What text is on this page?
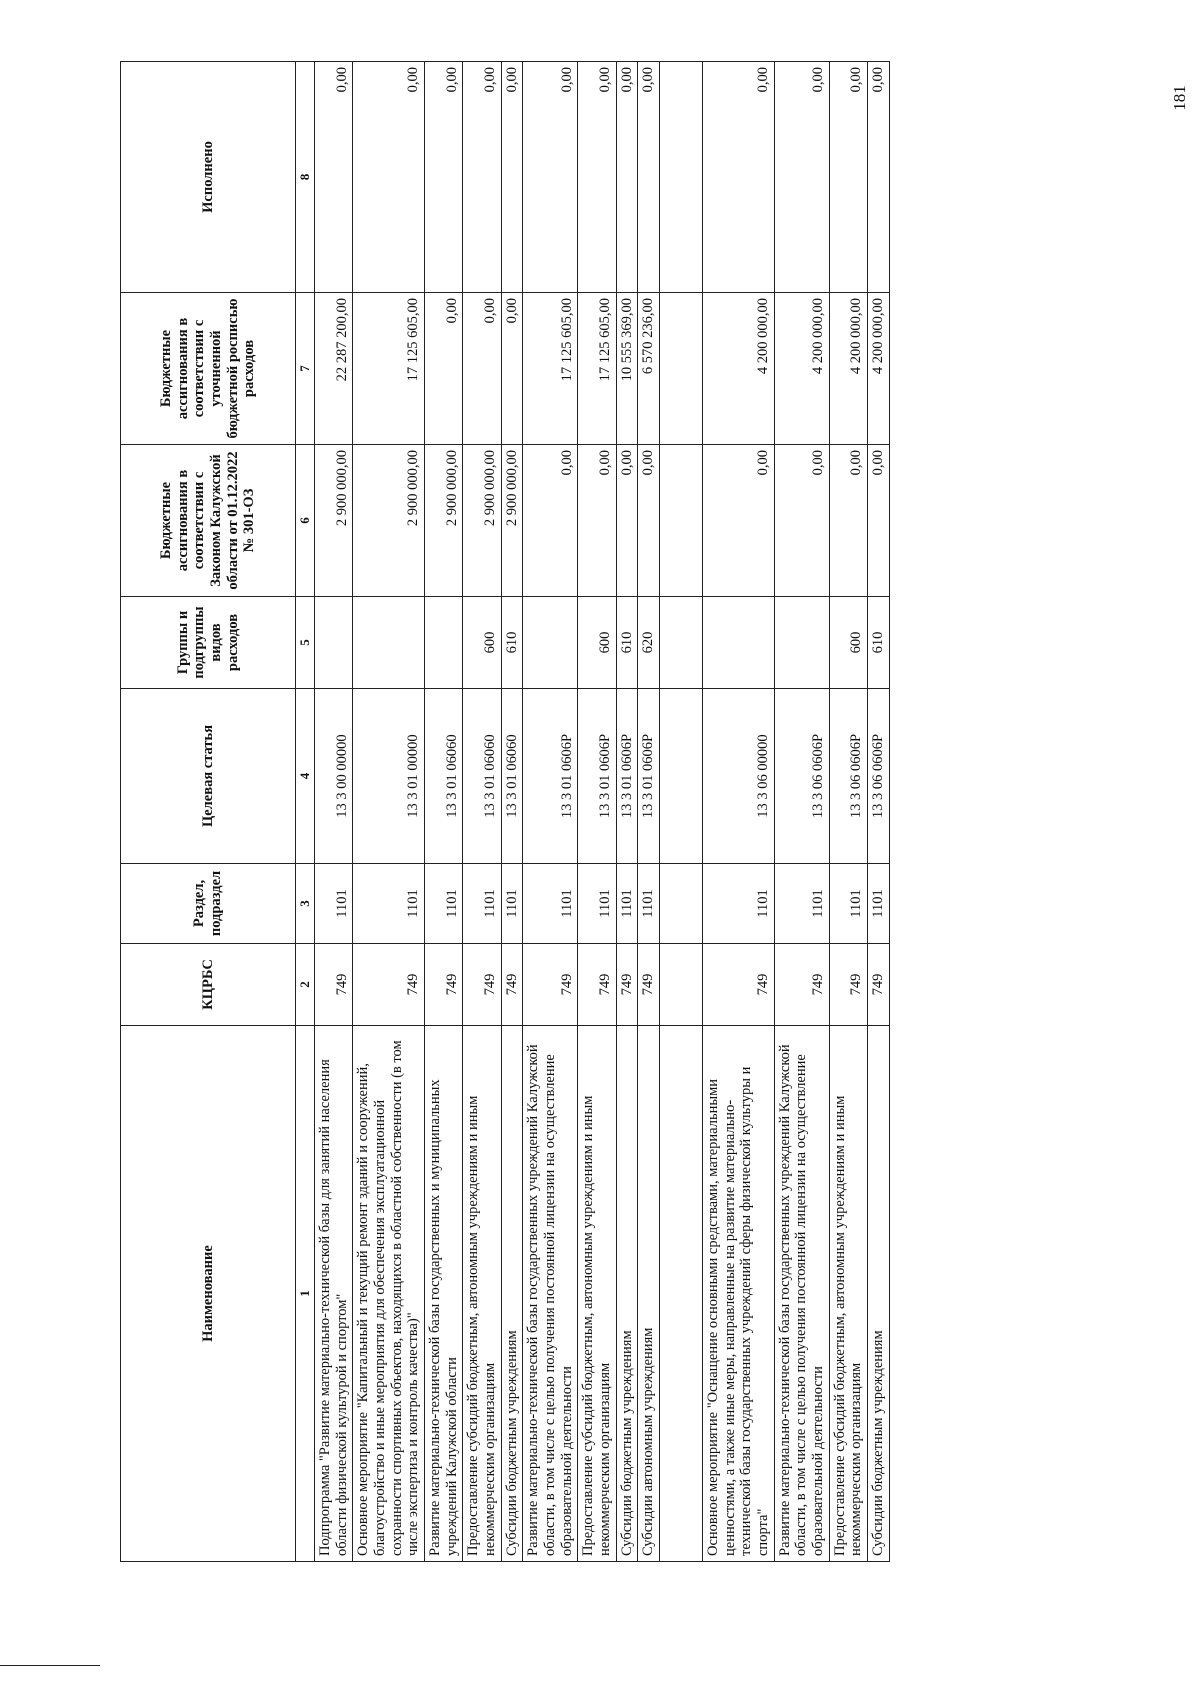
Наименование	КЦРБС	Раздел, подраздел	Целевая статья	Группы и подгруппы видов расходов	Бюджетные ассигнования в соответствии с Законом Калужской области от 01.12.2022 № 301-ОЗ	Бюджетные ассигнования в соответствии с уточненной бюджетной росписью расходов	Исполнено
1	2	3	4	5	6	7	8
Подпрограмма "Развитие материально-технической базы для занятий населения области физической культурой и спортом"	749	1101	13 3 00 00000		2 900 000,00	22 287 200,00	0,00
Основное мероприятие "Капитальный и текущий ремонт зданий и сооружений, благоустройство и иные мероприятия для обеспечения эксплуатационной сохранности спортивных объектов, находящихся в областной собственности (в том числе экспертиза и контроль качества)"	749	1101	13 3 01 00000		2 900 000,00	17 125 605,00	0,00
Развитие материально-технической базы государственных и муниципальных учреждений Калужской области	749	1101	13 3 01 06060		2 900 000,00	0,00	0,00
Предоставление субсидий бюджетным, автономным учреждениям и иным некоммерческим организациям	749	1101	13 3 01 06060	600	2 900 000,00	0,00	0,00
Субсидии бюджетным учреждениям	749	1101	13 3 01 06060	610	2 900 000,00	0,00	0,00
Развитие материально-технической базы государственных учреждений Калужской области, в том числе с целью получения постоянной лицензии на осуществление образовательной деятельности	749	1101	13 3 01 0606Р		0,00	17 125 605,00	0,00
Предоставление субсидий бюджетным, автономным учреждениям и иным некоммерческим организациям	749	1101	13 3 01 0606Р	600	0,00	17 125 605,00	0,00
Субсидии бюджетным учреждениям	749	1101	13 3 01 0606Р	610	0,00	10 555 369,00	0,00
Субсидии автономным учреждениям	749	1101	13 3 01 0606Р	620	0,00	6 570 236,00	0,00

Основное мероприятие "Оснащение основными средствами, материальными ценностями, а также иные меры, направленные на развитие материально-технической базы государственных учреждений сферы физической культуры и спорта"	749	1101	13 3 06 00000		0,00	4 200 000,00	0,00
Развитие материально-технической базы государственных учреждений Калужской области, в том числе с целью получения постоянной лицензии на осуществление образовательной деятельности	749	1101	13 3 06 0606Р		0,00	4 200 000,00	0,00
Предоставление субсидий бюджетным, автономным учреждениям и иным некоммерческим организациям	749	1101	13 3 06 0606Р	600	0,00	4 200 000,00	0,00
Субсидии бюджетным учреждениям	749	1101	13 3 06 0606Р	610	0,00	4 200 000,00	0,00
181
